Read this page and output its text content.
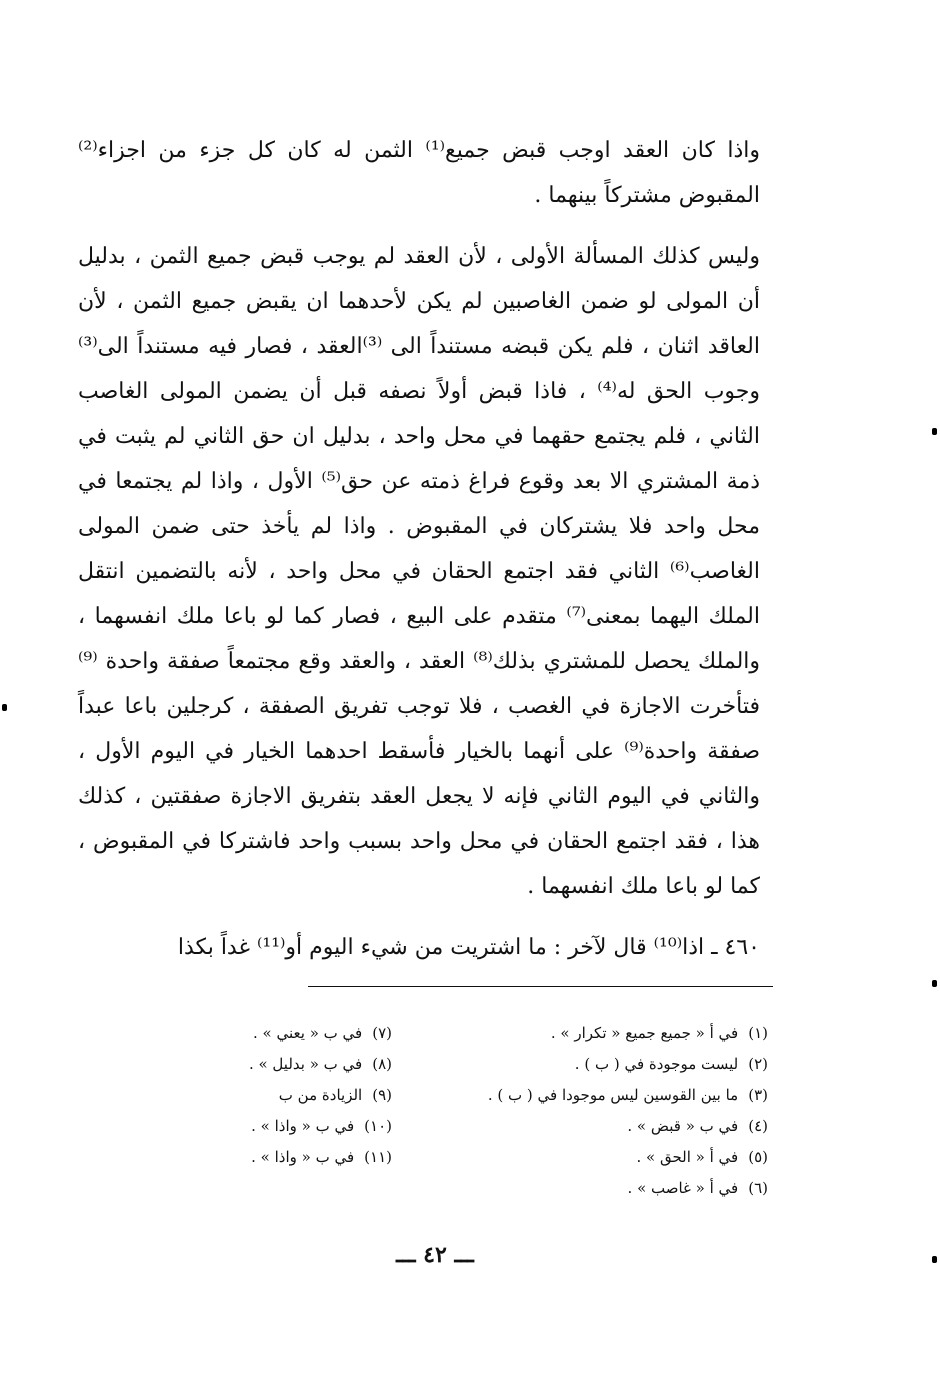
واذا كان العقد اوجب قبض جميع⁽¹⁾ الثمن له كان كل جزء من اجزاء⁽²⁾ المقبوض مشتركاً بينهما .

وليس كذلك المسألة الأولى ، لأن العقد لم يوجب قبض جميع الثمن ، بدليل أن المولى لو ضمن الغاصبين لم يكن لأحدهما ان يقبض جميع الثمن ، لأن العاقد اثنان ، فلم يكن قبضه مستنداً الى ⁽³⁾العقد ، فصار فيه مستنداً الى⁽³⁾ وجوب الحق له⁽⁴⁾ ، فاذا قبض أولاً نصفه قبل أن يضمن المولى الغاصب الثاني ، فلم يجتمع حقهما في محل واحد ، بدليل ان حق الثاني لم يثبت في ذمة المشتري الا بعد وقوع فراغ ذمته عن حق⁽⁵⁾ الأول ، واذا لم يجتمعا في محل واحد فلا يشتركان في المقبوض . واذا لم يأخذ حتى ضمن المولى الغاصب⁽⁶⁾ الثاني فقد اجتمع الحقان في محل واحد ، لأنه بالتضمين انتقل الملك اليهما بمعنى⁽⁷⁾ متقدم على البيع ، فصار كما لو باعا ملك انفسهما ، والملك يحصل للمشتري بذلك⁽⁸⁾ العقد ، والعقد وقع مجتمعاً صفقة واحدة ⁽⁹⁾فتأخرت الاجازة في الغصب ، فلا توجب تفريق الصفقة ، كرجلين باعا عبداً صفقة واحدة⁽⁹⁾ على أنهما بالخيار فأسقط احدهما الخيار في اليوم الأول ، والثاني في اليوم الثاني فإنه لا يجعل العقد بتفريق الاجازة صفقتين ، كذلك هذا ، فقد اجتمع الحقان في محل واحد بسبب واحد فاشتركا في المقبوض ، كما لو باعا ملك انفسهما .

٤٦٠ ـ اذا⁽¹⁰⁾ قال لآخر : ما اشتريت من شيء اليوم أو⁽¹¹⁾ غداً بكذا

(١)في أ « جميع جميع « تكرار » .
(٢)ليست موجودة في ( ب ) .
(٣)ما بين القوسين ليس موجودا في ( ب ) .
(٤)في ب « قبض » .
(٥)في أ « الحق » .
(٦)في أ « غاصب » .
(٧)في ب « يعني » .
(٨)في ب « بدليل » .
(٩)الزيادة من ب
(١٠)في ب « واذا » .
(١١)في ب « واذا » .
ـــ ٤٢ ـــ
